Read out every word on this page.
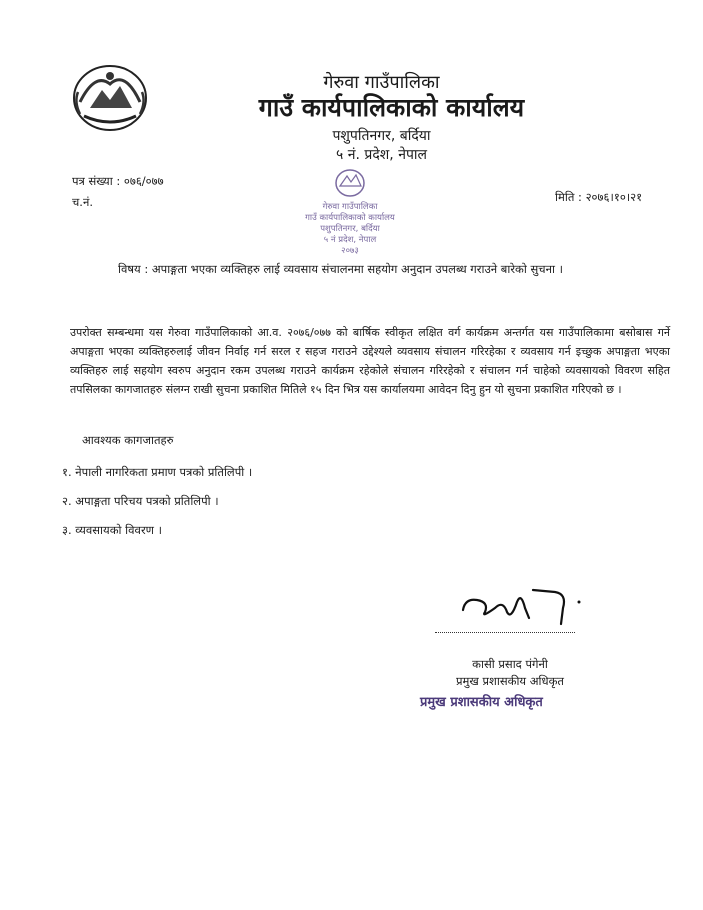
गेरुवा गाउँपालिका
गाउँ कार्यपालिकाको कार्यालय
पशुपतिनगर, बर्दिया
५ नं. प्रदेश, नेपाल
पत्र संख्या : ०७६/०७७
च.नं.	मिति : २०७६।१०।२१
गेरुवा गाउँपालिका
गाउँ कार्यपालिकाको कार्यालय
पशुपतिनगर, बर्दिया
५ नं प्रदेश, नेपाल
२०७३
विषय : अपाङ्गता भएका व्यक्तिहरु लाई व्यवसाय संचालनमा सहयोग अनुदान उपलब्ध गराउने बारेको सुचना ।
उपरोक्त सम्बन्धमा यस गेरुवा गाउँपालिकाको आ.व. २०७६/०७७ को बार्षिक स्वीकृत लक्षित वर्ग कार्यक्रम अन्तर्गत यस गाउँपालिकामा बसोबास गर्ने अपाङ्गता भएका व्यक्तिहरुलाई जीवन निर्वाह गर्न सरल र सहज गराउने उद्देश्यले व्यवसाय संचालन गरिरहेका र व्यवसाय गर्न इच्छुक अपाङ्गता भएका व्यक्तिहरु लाई सहयोग स्वरुप अनुदान रकम उपलब्ध गराउने कार्यक्रम रहेकोले संचालन गरिरहेको र संचालन गर्न चाहेको व्यवसायको विवरण सहित तपसिलका कागजातहरु संलग्न राखी सुचना प्रकाशित मितिले १५ दिन भित्र यस कार्यालयमा आवेदन दिनु हुन यो सुचना प्रकाशित गरिएको छ ।
आवश्यक कागजातहरु
१. नेपाली नागरिकता प्रमाण पत्रको प्रतिलिपी ।
२. अपाङ्गता परिचय पत्रको प्रतिलिपी ।
३. व्यवसायको विवरण ।
कासी प्रसाद पंगेनी
प्रमुख प्रशासकीय अधिकृत
प्रमुख प्रशासकीय अधिकृत
